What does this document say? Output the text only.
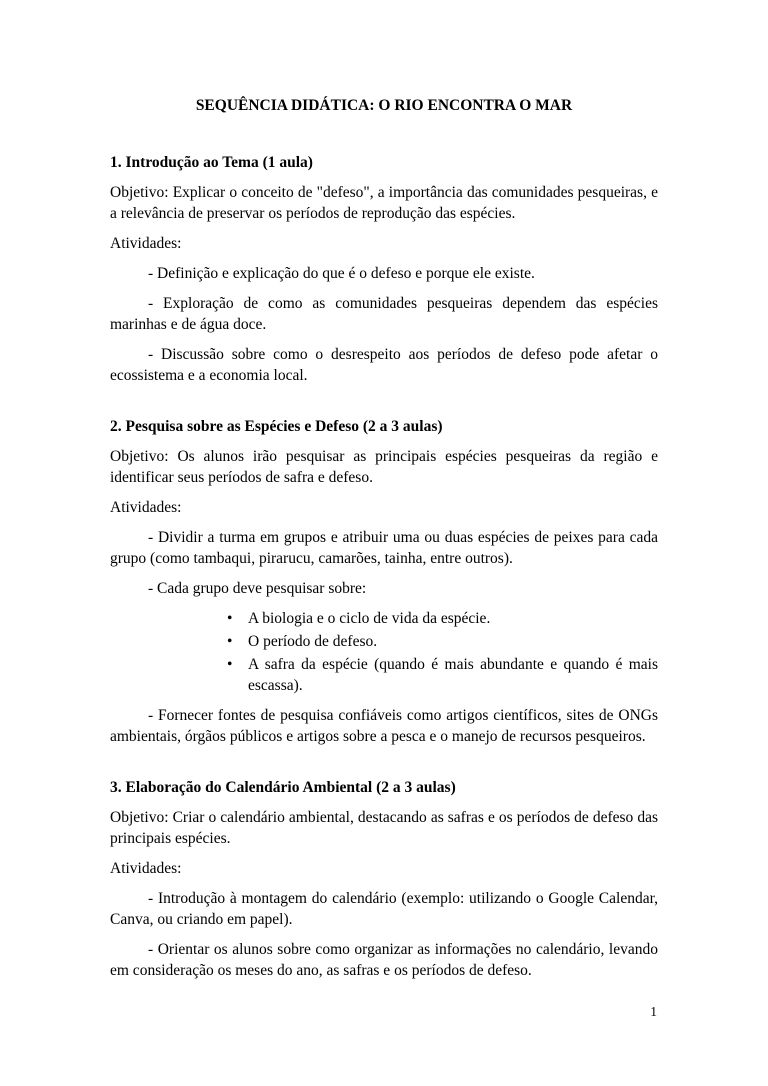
SEQUÊNCIA DIDÁTICA: O RIO ENCONTRA O MAR
1. Introdução ao Tema (1 aula)

Objetivo: Explicar o conceito de "defeso", a importância das comunidades pesqueiras, e a relevância de preservar os períodos de reprodução das espécies.

Atividades:

- Definição e explicação do que é o defeso e porque ele existe.

- Exploração de como as comunidades pesqueiras dependem das espécies marinhas e de água doce.

- Discussão sobre como o desrespeito aos períodos de defeso pode afetar o ecossistema e a economia local.

2. Pesquisa sobre as Espécies e Defeso (2 a 3 aulas)

Objetivo: Os alunos irão pesquisar as principais espécies pesqueiras da região e identificar seus períodos de safra e defeso.

Atividades:

- Dividir a turma em grupos e atribuir uma ou duas espécies de peixes para cada grupo (como tambaqui, pirarucu, camarões, tainha, entre outros).

- Cada grupo deve pesquisar sobre:

• A biologia e o ciclo de vida da espécie.
• O período de defeso.
• A safra da espécie (quando é mais abundante e quando é mais escassa).

- Fornecer fontes de pesquisa confiáveis como artigos científicos, sites de ONGs ambientais, órgãos públicos e artigos sobre a pesca e o manejo de recursos pesqueiros.

3. Elaboração do Calendário Ambiental (2 a 3 aulas)

Objetivo: Criar o calendário ambiental, destacando as safras e os períodos de defeso das principais espécies.

Atividades:

- Introdução à montagem do calendário (exemplo: utilizando o Google Calendar, Canva, ou criando em papel).

- Orientar os alunos sobre como organizar as informações no calendário, levando em consideração os meses do ano, as safras e os períodos de defeso.

1
